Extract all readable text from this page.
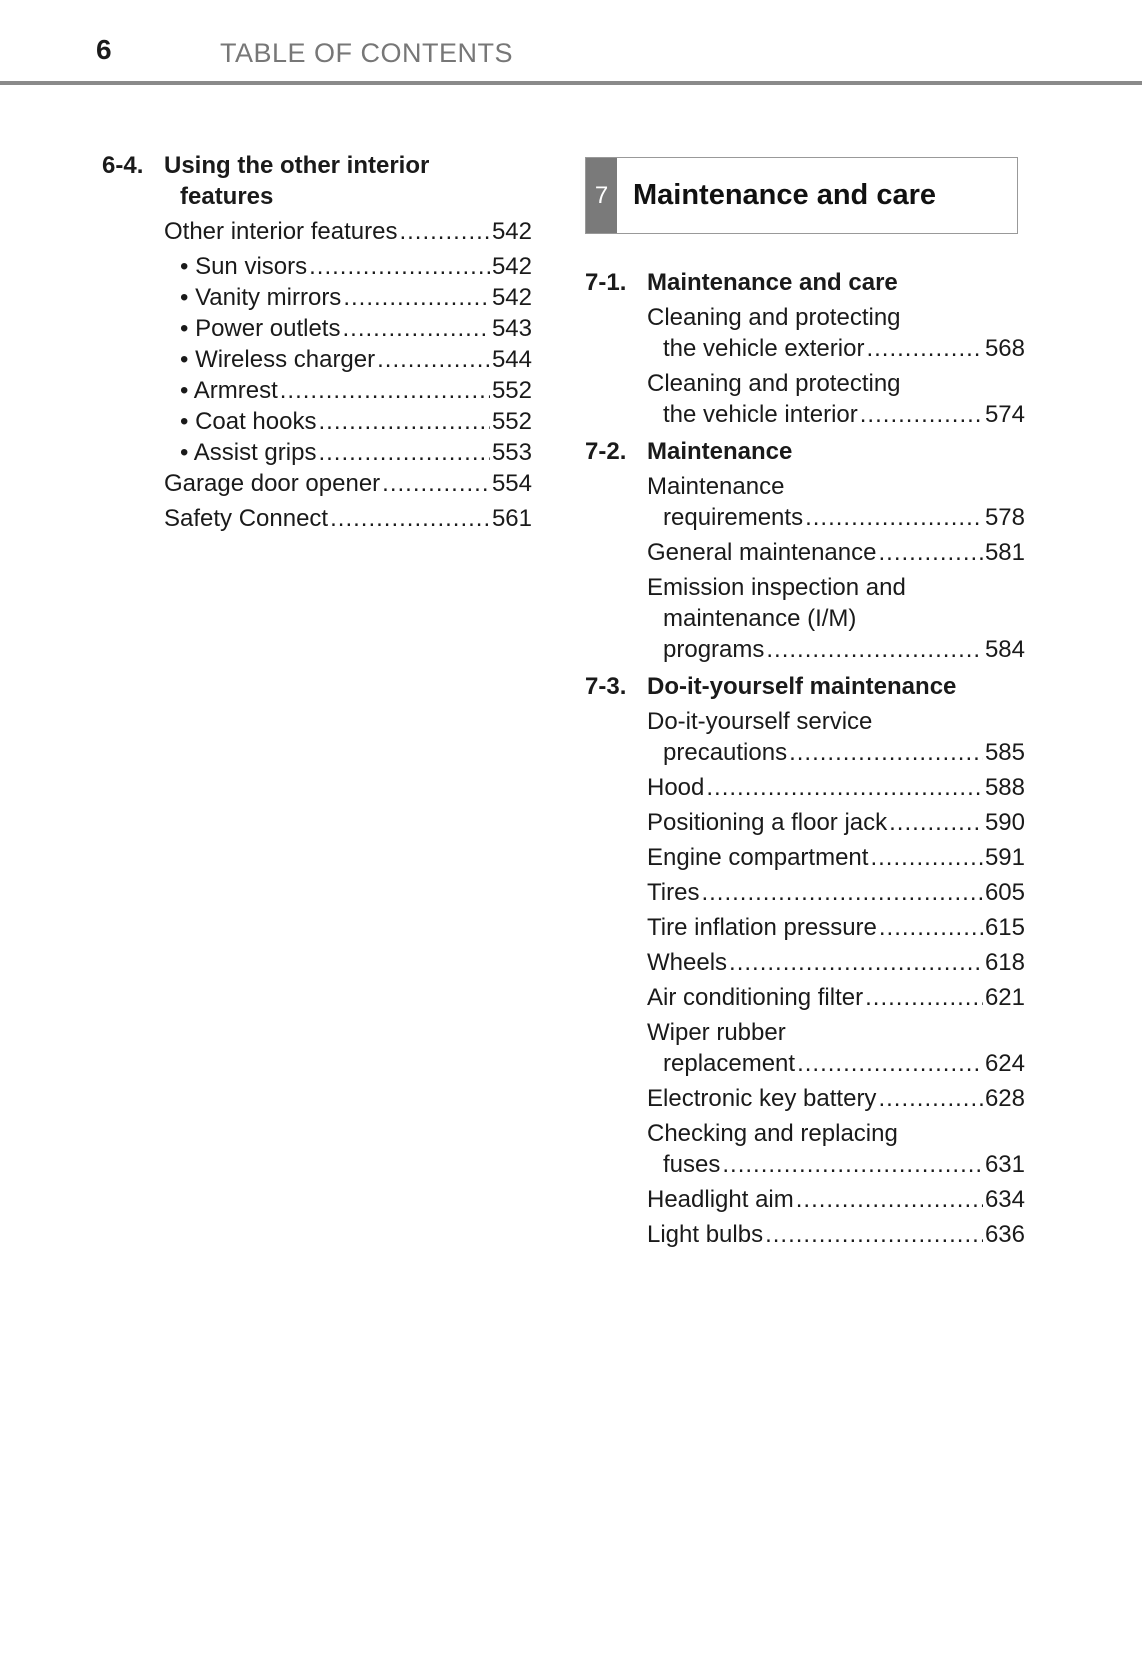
6	TABLE OF CONTENTS
6-4. Using the other interior
features
Other interior features .....	542
• Sun visors .....	542
• Vanity mirrors .....	542
• Power outlets .....	543
• Wireless charger .....	544
• Armrest .....	552
• Coat hooks .....	552
• Assist grips .....	553
Garage door opener .....	554
Safety Connect .....	561
7 Maintenance and care
7-1. Maintenance and care
Cleaning and protecting
the vehicle exterior .....	568
Cleaning and protecting
the vehicle interior .....	574
7-2. Maintenance
Maintenance
requirements .....	578
General maintenance .....	581
Emission inspection and
maintenance (I/M)
programs .....	584
7-3. Do-it-yourself maintenance
Do-it-yourself service
precautions .....	585
Hood .....	588
Positioning a floor jack .....	590
Engine compartment .....	591
Tires .....	605
Tire inflation pressure .....	615
Wheels .....	618
Air conditioning filter .....	621
Wiper rubber
replacement .....	624
Electronic key battery .....	628
Checking and replacing
fuses .....	631
Headlight aim .....	634
Light bulbs .....	636
